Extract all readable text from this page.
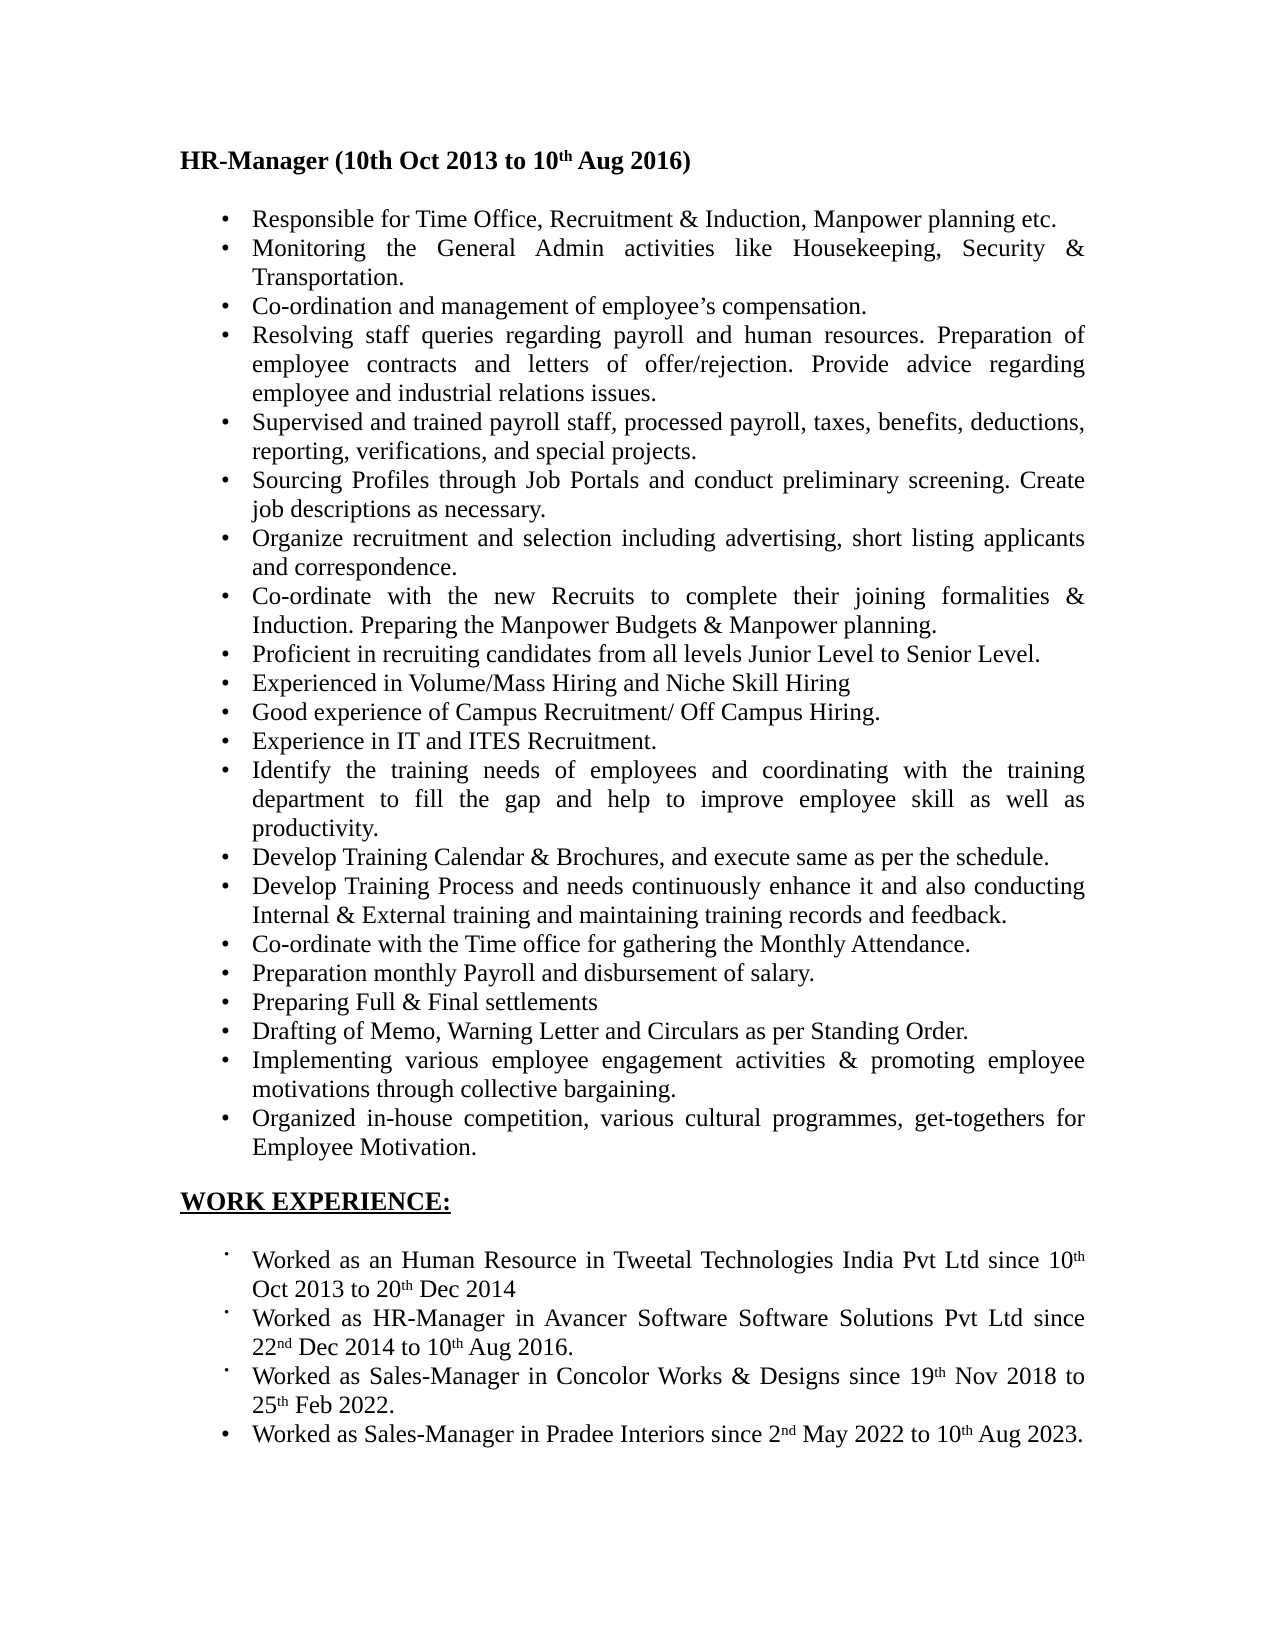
HR-Manager (10th Oct 2013 to 10th Aug 2016)
• Responsible for Time Office, Recruitment & Induction, Manpower planning etc.
• Monitoring the General Admin activities like Housekeeping, Security & Transportation.
• Co-ordination and management of employee’s compensation.
• Resolving staff queries regarding payroll and human resources. Preparation of employee contracts and letters of offer/rejection. Provide advice regarding employee and industrial relations issues.
• Supervised and trained payroll staff, processed payroll, taxes, benefits, deductions, reporting, verifications, and special projects.
• Sourcing Profiles through Job Portals and conduct preliminary screening. Create job descriptions as necessary.
• Organize recruitment and selection including advertising, short listing applicants and correspondence.
• Co-ordinate with the new Recruits to complete their joining formalities & Induction. Preparing the Manpower Budgets & Manpower planning.
• Proficient in recruiting candidates from all levels Junior Level to Senior Level.
• Experienced in Volume/Mass Hiring and Niche Skill Hiring
• Good experience of Campus Recruitment/ Off Campus Hiring.
• Experience in IT and ITES Recruitment.
• Identify the training needs of employees and coordinating with the training department to fill the gap and help to improve employee skill as well as productivity.
• Develop Training Calendar & Brochures, and execute same as per the schedule.
• Develop Training Process and needs continuously enhance it and also conducting Internal & External training and maintaining training records and feedback.
• Co-ordinate with the Time office for gathering the Monthly Attendance.
• Preparation monthly Payroll and disbursement of salary.
• Preparing Full & Final settlements
• Drafting of Memo, Warning Letter and Circulars as per Standing Order.
• Implementing various employee engagement activities & promoting employee motivations through collective bargaining.
• Organized in-house competition, various cultural programmes, get-togethers for Employee Motivation.
WORK EXPERIENCE:
• Worked as an Human Resource in Tweetal Technologies India Pvt Ltd since 10th Oct 2013 to 20th Dec 2014
• Worked as HR-Manager in Avancer Software Software Solutions Pvt Ltd since 22nd Dec 2014 to 10th Aug 2016.
• Worked as Sales-Manager in Concolor Works & Designs since 19th Nov 2018 to 25th Feb 2022.
• Worked as Sales-Manager in Pradee Interiors since 2nd May 2022 to 10th Aug 2023.
